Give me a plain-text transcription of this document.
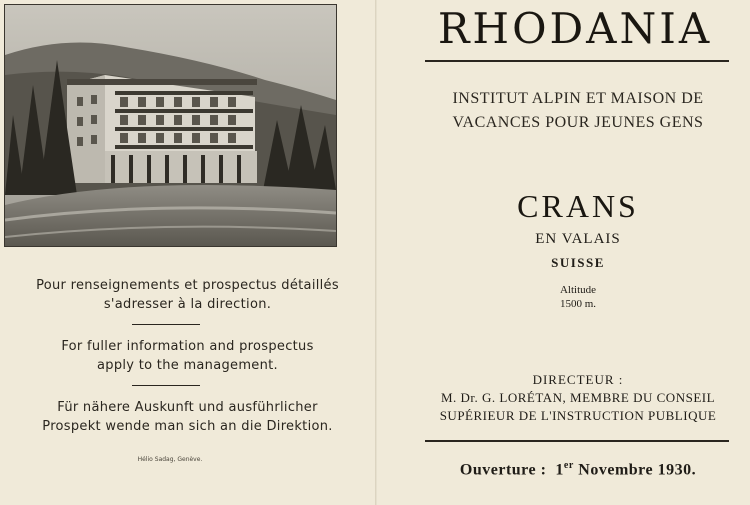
Pour renseignements et prospectus détaillés
s'adresser à la direction.
For fuller information and prospectus
apply to the management.
Für nähere Auskunft und ausführlicher
Prospekt wende man sich an die Direktion.
Hélio Sadag, Genève.
RHODANIA
INSTITUT ALPIN ET MAISON DE
VACANCES POUR JEUNES GENS
CRANS
EN VALAIS
SUISSE
Altitude
1500 m.
DIRECTEUR :
M. Dr. G. LORÉTAN, MEMBRE DU CONSEIL
SUPÉRIEUR DE L'INSTRUCTION PUBLIQUE
Ouverture : 1er Novembre 1930.
